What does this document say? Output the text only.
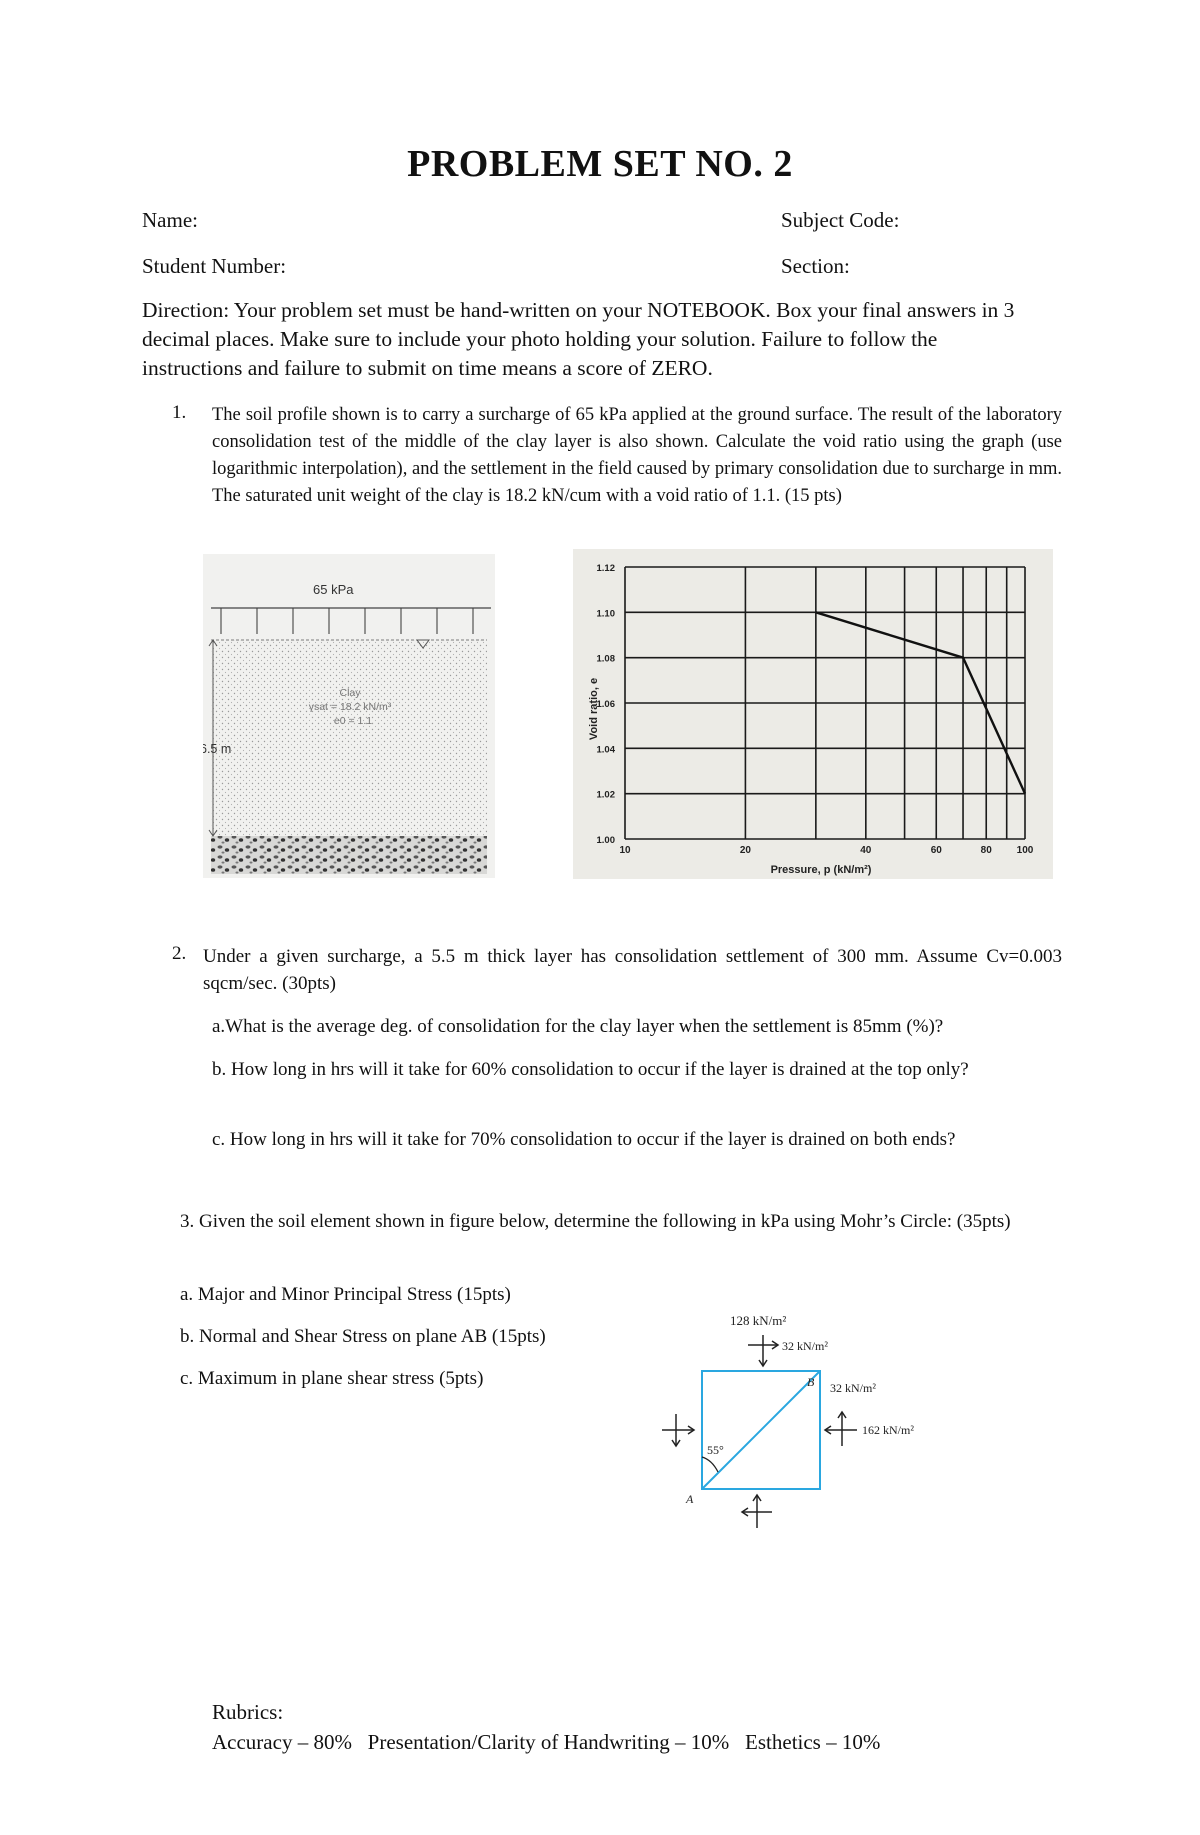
PROBLEM SET NO. 2
Name:	Subject Code:
Student Number:	Section:
Direction: Your problem set must be hand-written on your NOTEBOOK. Box your final answers in 3 decimal places. Make sure to include your photo holding your solution. Failure to follow the instructions and failure to submit on time means a score of ZERO.
1. The soil profile shown is to carry a surcharge of 65 kPa applied at the ground surface. The result of the laboratory consolidation test of the middle of the clay layer is also shown. Calculate the void ratio using the graph (use logarithmic interpolation), and the settlement in the field caused by primary consolidation due to surcharge in mm. The saturated unit weight of the clay is 18.2 kN/cum with a void ratio of 1.1. (15 pts)
65 kPa
6.5 m
Clay
γsat = 18.2 kN/m³
e0 = 1.1
1.12
1.10
1.08
1.06
1.04
1.02
1.00
10	20	40	60	80 100
Void ratio, e
Pressure, p (kN/m²)
2. Under a given surcharge, a 5.5 m thick layer has consolidation settlement of 300 mm. Assume Cv=0.003 sqcm/sec. (30pts)
a.What is the average deg. of consolidation for the clay layer when the settlement is 85mm (%)?
b. How long in hrs will it take for 60% consolidation to occur if the layer is drained at the top only?
c. How long in hrs will it take for 70% consolidation to occur if the layer is drained on both ends?
3. Given the soil element shown in figure below, determine the following in kPa using Mohr’s Circle: (35pts)
a. Major and Minor Principal Stress (15pts)
b. Normal and Shear Stress on plane AB (15pts)
c. Maximum in plane shear stress (5pts)
128 kN/m²
32 kN/m²
32 kN/m²
162 kN/m²
55°
A
B
Rubrics:
Accuracy – 80%   Presentation/Clarity of Handwriting – 10%   Esthetics – 10%
